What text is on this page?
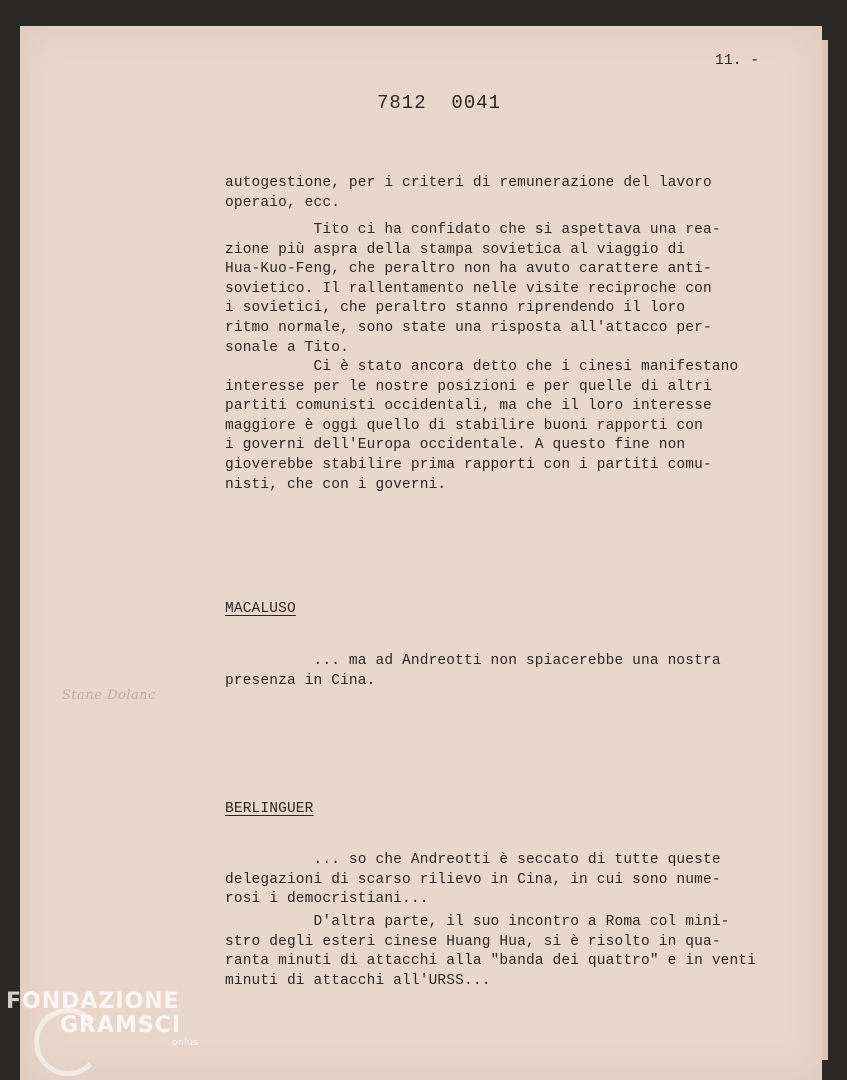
11. -
7812  0041
autogestione, per i criteri di remunerazione del lavoro
operaio, ecc.
Tito ci ha confidato che si aspettava una rea-
zione più aspra della stampa sovietica al viaggio di
Hua-Kuo-Feng, che peraltro non ha avuto carattere anti-
sovietico. Il rallentamento nelle visite reciproche con
i sovietici, che peraltro stanno riprendendo il loro
ritmo normale, sono state una risposta all'attacco per-
sonale a Tito.
Ci è stato ancora detto che i cinesi manifestano
interesse per le nostre posizioni e per quelle di altri
partiti comunisti occidentali, ma che il loro interesse
maggiore è oggi quello di stabilire buoni rapporti con
i governi dell'Europa occidentale. A questo fine non
gioverebbe stabilire prima rapporti con i partiti comu-
nisti, che con i governi.
MACALUSO
... ma ad Andreotti non spiacerebbe una nostra
presenza in Cina.
Stane Dolanc
BERLINGUER
... so che Andreotti è seccato di tutte queste
delegazioni di scarso rilievo in Cina, in cui sono nume-
rosi i democristiani...
D'altra parte, il suo incontro a Roma col mini-
stro degli esteri cinese Huang Hua, si è risolto in qua-
ranta minuti di attacchi alla "banda dei quattro" e in venti
minuti di attacchi all'URSS...
FONDAZIONE
GRAMSCI
onlus
